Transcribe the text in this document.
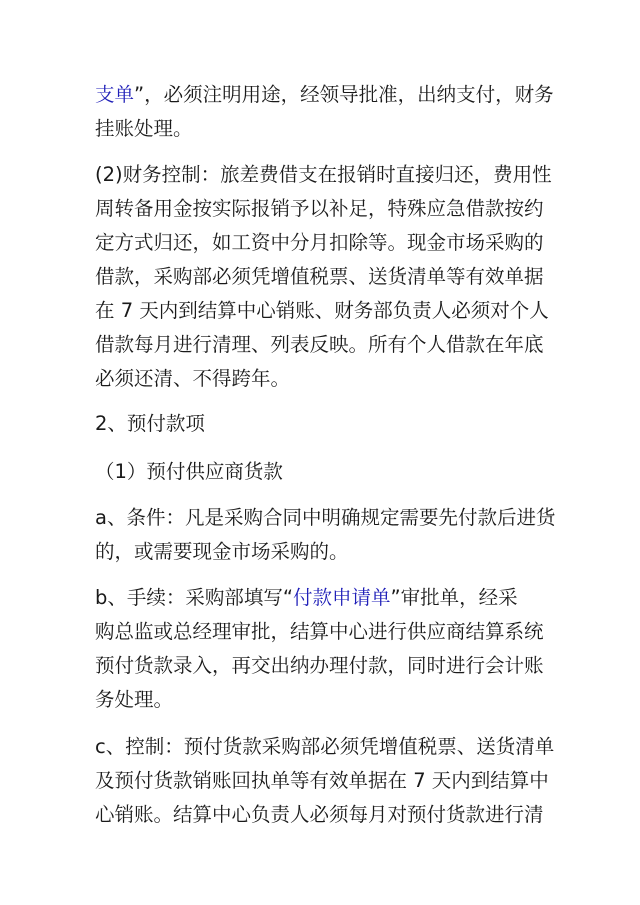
支单”，必须注明用途，经领导批准，出纳支付，财务
挂账处理。
(2)财务控制：旅差费借支在报销时直接归还，费用性
周转备用金按实际报销予以补足，特殊应急借款按约
定方式归还，如工资中分月扣除等。现金市场采购的
借款，采购部必须凭增值税票、送货清单等有效单据
在 7 天内到结算中心销账、财务部负责人必须对个人
借款每月进行清理、列表反映。所有个人借款在年底
必须还清、不得跨年。
2、预付款项
（1）预付供应商货款
a、条件：凡是采购合同中明确规定需要先付款后进货
的，或需要现金市场采购的。
b、手续：采购部填写“付款申请单”审批单，经采
购总监或总经理审批，结算中心进行供应商结算系统
预付货款录入，再交出纳办理付款，同时进行会计账
务处理。
c、控制：预付货款采购部必须凭增值税票、送货清单
及预付货款销账回执单等有效单据在 7 天内到结算中
心销账。结算中心负责人必须每月对预付货款进行清
